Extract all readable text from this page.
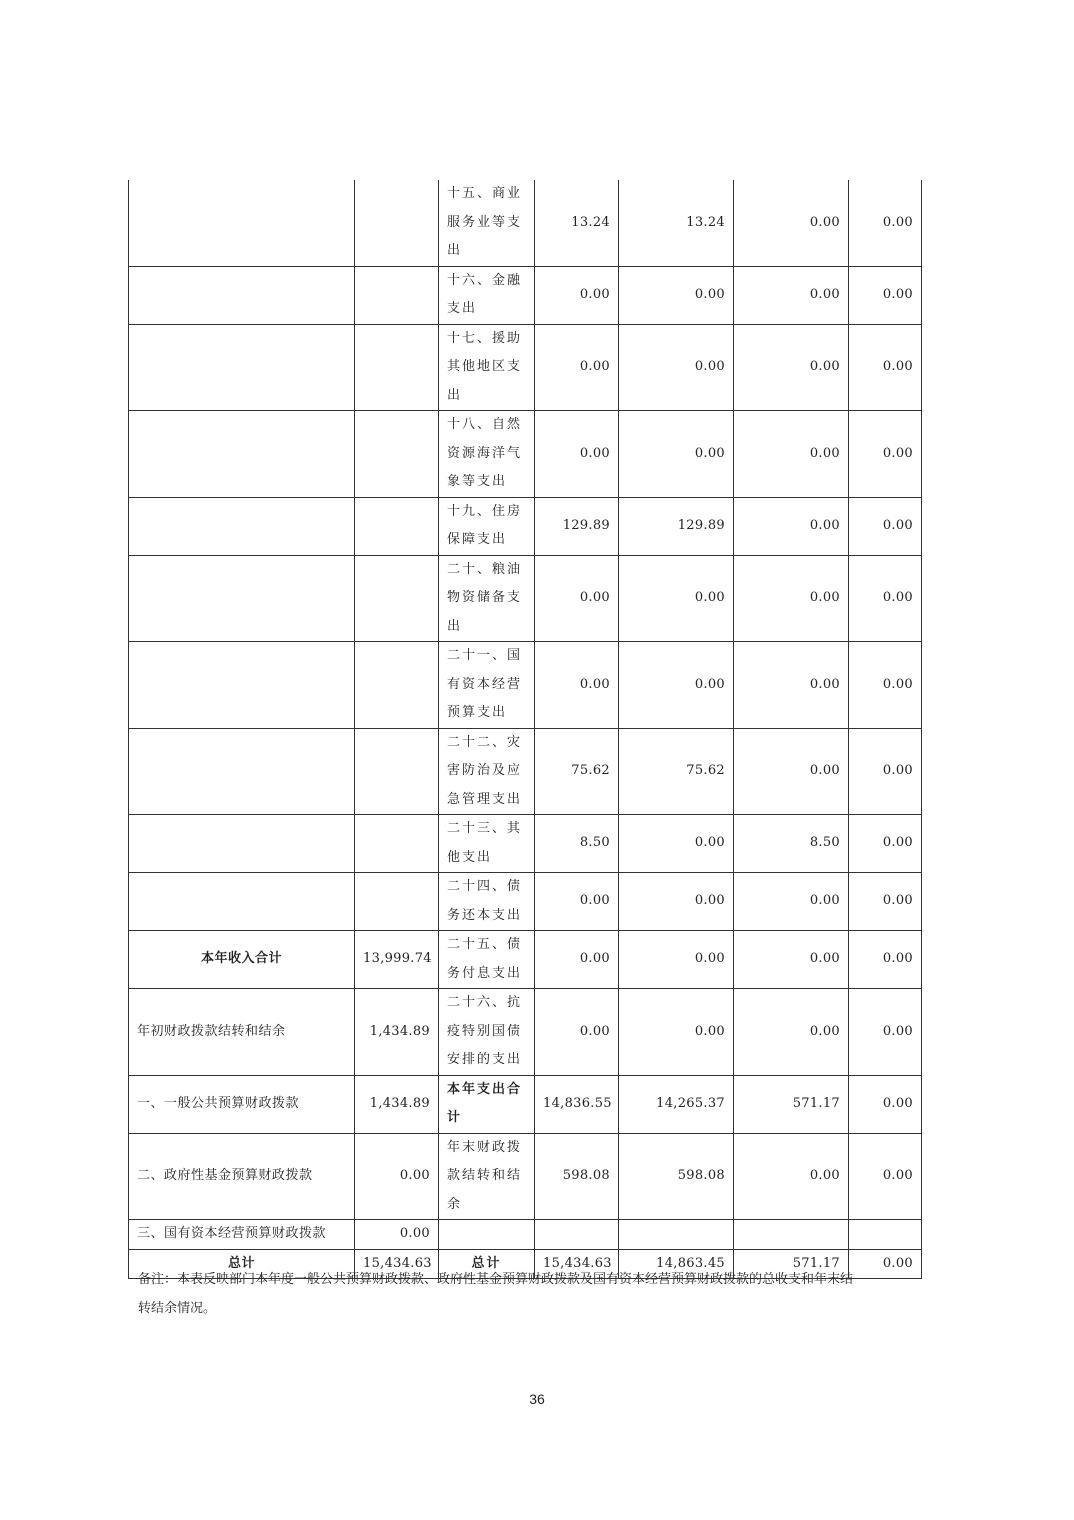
		十五、商业服务业等支出	13.24	13.24	0.00	0.00
		十六、金融支出	0.00	0.00	0.00	0.00
		十七、援助其他地区支出	0.00	0.00	0.00	0.00
		十八、自然资源海洋气象等支出	0.00	0.00	0.00	0.00
		十九、住房保障支出	129.89	129.89	0.00	0.00
		二十、粮油物资储备支出	0.00	0.00	0.00	0.00
		二十一、国有资本经营预算支出	0.00	0.00	0.00	0.00
		二十二、灾害防治及应急管理支出	75.62	75.62	0.00	0.00
		二十三、其他支出	8.50	0.00	8.50	0.00
		二十四、债务还本支出	0.00	0.00	0.00	0.00
本年收入合计	13,999.74	二十五、债务付息支出	0.00	0.00	0.00	0.00
年初财政拨款结转和结余	1,434.89	二十六、抗疫特别国债安排的支出	0.00	0.00	0.00	0.00
一、一般公共预算财政拨款	1,434.89	本年支出合计	14,836.55	14,265.37	571.17	0.00
二、政府性基金预算财政拨款	0.00	年末财政拨款结转和结余	598.08	598.08	0.00	0.00
三、国有资本经营预算财政拨款	0.00					
总计	15,434.63	总计	15,434.63	14,863.45	571.17	0.00
备注：本表反映部门本年度一般公共预算财政拨款、政府性基金预算财政拨款及国有资本经营预算财政拨款的总收支和年末结转结余情况。
36
